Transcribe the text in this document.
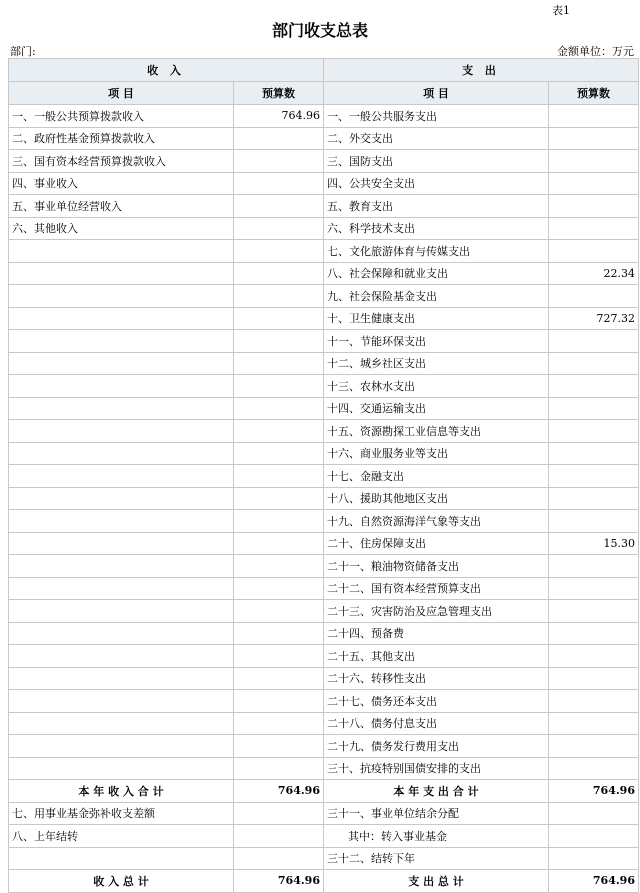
表1
部门收支总表
部门:	金额单位：万元
收 入		支 出	
项 目	预算数	项 目	预算数
一、一般公共预算拨款收入	764.96	一、一般公共服务支出	
二、政府性基金预算拨款收入		二、外交支出	
三、国有资本经营预算拨款收入		三、国防支出	
四、事业收入		四、公共安全支出	
五、事业单位经营收入		五、教育支出	
六、其他收入		六、科学技术支出	
		七、文化旅游体育与传媒支出	
		八、社会保障和就业支出	22.34
		九、社会保险基金支出	
		十、卫生健康支出	727.32
		十一、节能环保支出	
		十二、城乡社区支出	
		十三、农林水支出	
		十四、交通运输支出	
		十五、资源勘探工业信息等支出	
		十六、商业服务业等支出	
		十七、金融支出	
		十八、援助其他地区支出	
		十九、自然资源海洋气象等支出	
		二十、住房保障支出	15.30
		二十一、粮油物资储备支出	
		二十二、国有资本经营预算支出	
		二十三、灾害防治及应急管理支出	
		二十四、预备费	
		二十五、其他支出	
		二十六、转移性支出	
		二十七、债务还本支出	
		二十八、债务付息支出	
		二十九、债务发行费用支出	
		三十、抗疫特别国债安排的支出	
本 年 收 入 合 计	764.96	本 年 支 出 合 计	764.96
七、用事业基金弥补收支差额		三十一、事业单位结余分配	
八、上年结转		其中：转入事业基金	
		三十二、结转下年	
收 入 总 计	764.96	支 出 总 计	764.96
